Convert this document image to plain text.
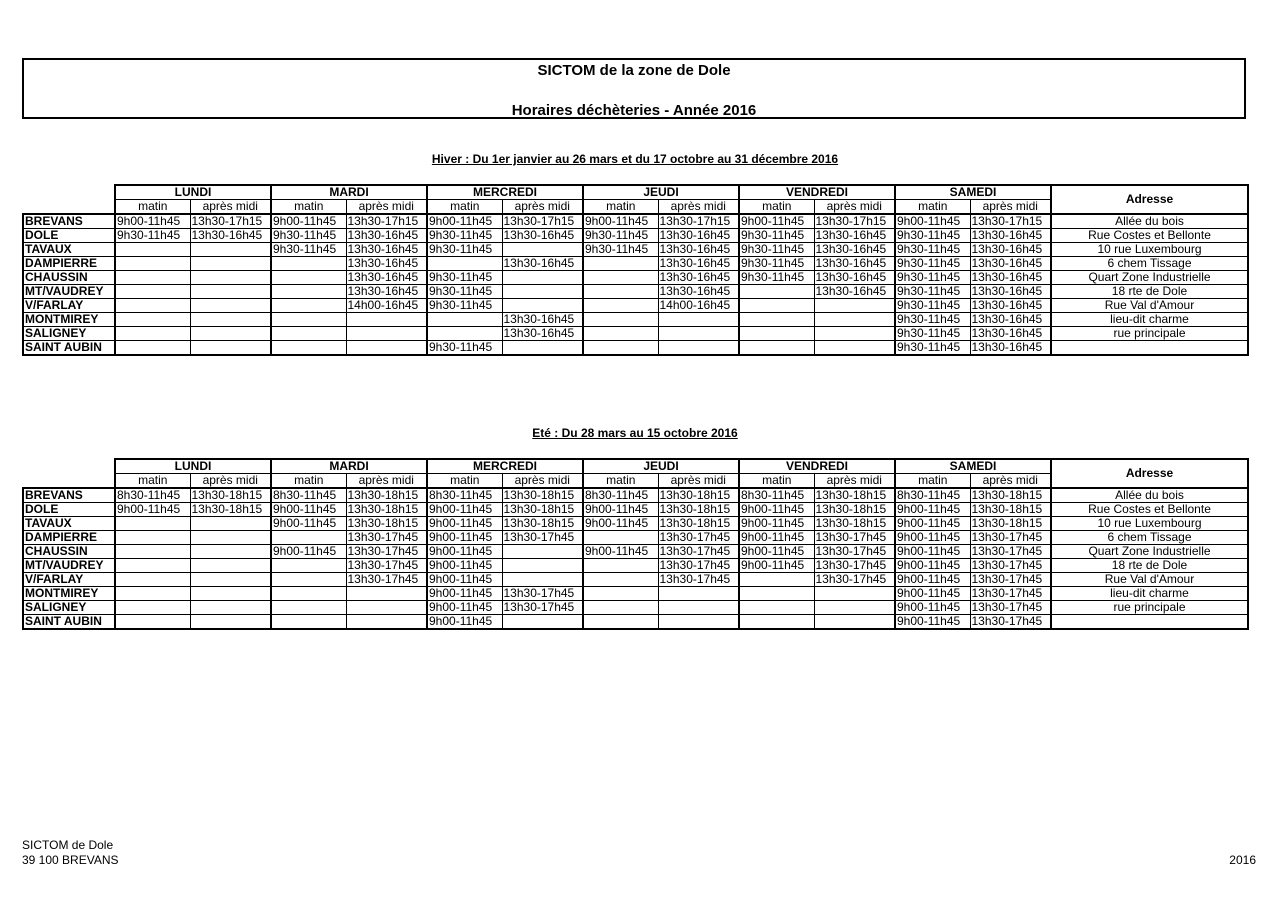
SICTOM de la zone de Dole
Horaires déchèteries - Année 2016
Hiver : Du 1er janvier au 26 mars et du 17 octobre au 31 décembre 2016
	LUNDI		MARDI		MERCREDI		JEUDI		VENDREDI		SAMEDI		Adresse
	matin	après midi	matin	après midi	matin	après midi	matin	après midi	matin	après midi	matin	après midi	
BREVANS	9h00-11h45	13h30-17h15	9h00-11h45	13h30-17h15	9h00-11h45	13h30-17h15	9h00-11h45	13h30-17h15	9h00-11h45	13h30-17h15	9h00-11h45	13h30-17h15	Allée du bois
DOLE	9h30-11h45	13h30-16h45	9h30-11h45	13h30-16h45	9h30-11h45	13h30-16h45	9h30-11h45	13h30-16h45	9h30-11h45	13h30-16h45	9h30-11h45	13h30-16h45	Rue Costes et Bellonte
TAVAUX			9h30-11h45	13h30-16h45	9h30-11h45		9h30-11h45	13h30-16h45	9h30-11h45	13h30-16h45	9h30-11h45	13h30-16h45	10 rue Luxembourg
DAMPIERRE				13h30-16h45		13h30-16h45		13h30-16h45	9h30-11h45	13h30-16h45	9h30-11h45	13h30-16h45	6 chem Tissage
CHAUSSIN				13h30-16h45	9h30-11h45			13h30-16h45	9h30-11h45	13h30-16h45	9h30-11h45	13h30-16h45	Quart Zone Industrielle
MT/VAUDREY				13h30-16h45	9h30-11h45			13h30-16h45		13h30-16h45	9h30-11h45	13h30-16h45	18 rte de Dole
V/FARLAY				14h00-16h45	9h30-11h45			14h00-16h45			9h30-11h45	13h30-16h45	Rue Val d'Amour
MONTMIREY						13h30-16h45					9h30-11h45	13h30-16h45	lieu-dit charme
SALIGNEY						13h30-16h45					9h30-11h45	13h30-16h45	rue principale
SAINT AUBIN					9h30-11h45						9h30-11h45	13h30-16h45	
Eté : Du 28 mars au 15 octobre 2016
	LUNDI		MARDI		MERCREDI		JEUDI		VENDREDI		SAMEDI		Adresse
	matin	après midi	matin	après midi	matin	après midi	matin	après midi	matin	après midi	matin	après midi	
BREVANS	8h30-11h45	13h30-18h15	8h30-11h45	13h30-18h15	8h30-11h45	13h30-18h15	8h30-11h45	13h30-18h15	8h30-11h45	13h30-18h15	8h30-11h45	13h30-18h15	Allée du bois
DOLE	9h00-11h45	13h30-18h15	9h00-11h45	13h30-18h15	9h00-11h45	13h30-18h15	9h00-11h45	13h30-18h15	9h00-11h45	13h30-18h15	9h00-11h45	13h30-18h15	Rue Costes et Bellonte
TAVAUX			9h00-11h45	13h30-18h15	9h00-11h45	13h30-18h15	9h00-11h45	13h30-18h15	9h00-11h45	13h30-18h15	9h00-11h45	13h30-18h15	10 rue Luxembourg
DAMPIERRE				13h30-17h45	9h00-11h45	13h30-17h45		13h30-17h45	9h00-11h45	13h30-17h45	9h00-11h45	13h30-17h45	6 chem Tissage
CHAUSSIN			9h00-11h45	13h30-17h45	9h00-11h45		9h00-11h45	13h30-17h45	9h00-11h45	13h30-17h45	9h00-11h45	13h30-17h45	Quart Zone Industrielle
MT/VAUDREY				13h30-17h45	9h00-11h45			13h30-17h45	9h00-11h45	13h30-17h45	9h00-11h45	13h30-17h45	18 rte de Dole
V/FARLAY				13h30-17h45	9h00-11h45			13h30-17h45		13h30-17h45	9h00-11h45	13h30-17h45	Rue Val d'Amour
MONTMIREY					9h00-11h45	13h30-17h45					9h00-11h45	13h30-17h45	lieu-dit charme
SALIGNEY					9h00-11h45	13h30-17h45					9h00-11h45	13h30-17h45	rue principale
SAINT AUBIN					9h00-11h45						9h00-11h45	13h30-17h45	
SICTOM de Dole
39 100 BREVANS	2016
